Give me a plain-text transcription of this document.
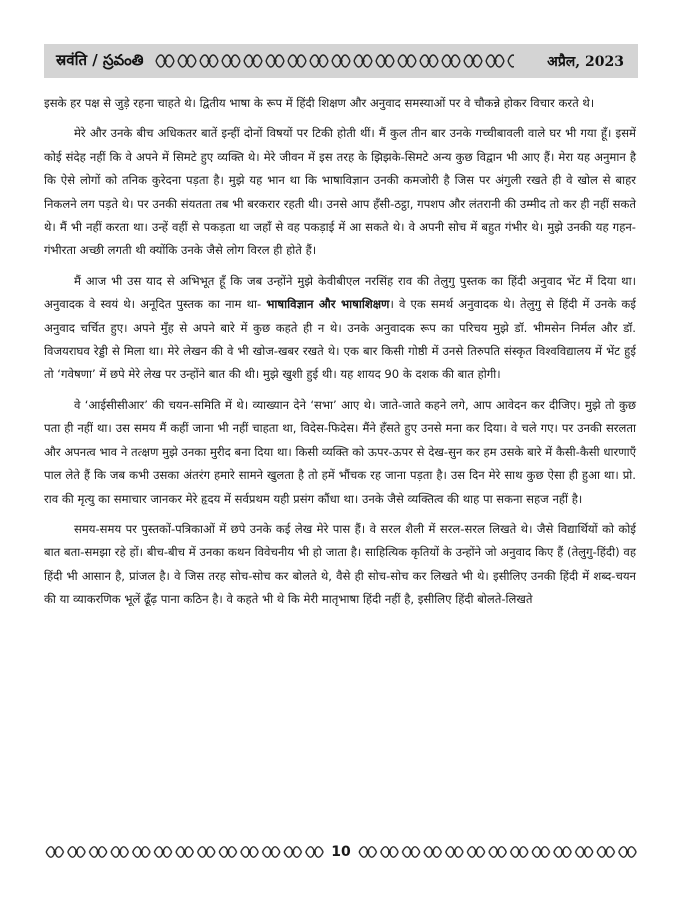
स्रवंति / స్రవంతి	अप्रैल, 2023

इसके हर पक्ष से जुड़े रहना चाहते थे। द्वितीय भाषा के रूप में हिंदी शिक्षण और अनुवाद समस्याओं पर वे चौकन्ने होकर विचार करते थे।

मेरे और उनके बीच अधिकतर बातें इन्हीं दोनों विषयों पर टिकी होती थीं। मैं कुल तीन बार उनके गच्चीबावली वाले घर भी गया हूँ। इसमें कोई संदेह नहीं कि वे अपने में सिमटे हुए व्यक्ति थे। मेरे जीवन में इस तरह के झिझके-सिमटे अन्य कुछ विद्वान भी आए हैं। मेरा यह अनुमान है कि ऐसे लोगों को तनिक कुरेदना पड़ता है। मुझे यह भान था कि भाषाविज्ञान उनकी कमजोरी है जिस पर अंगुली रखते ही वे खोल से बाहर निकलने लग पड़ते थे। पर उनकी संयतता तब भी बरकरार रहती थी। उनसे आप हँसी-ठट्ठा, गपशप और लंतरानी की उम्मीद तो कर ही नहीं सकते थे। मैं भी नहीं करता था। उन्हें वहीं से पकड़ता था जहाँ से वह पकड़ाई में आ सकते थे। वे अपनी सोच में बहुत गंभीर थे। मुझे उनकी यह गहन-गंभीरता अच्छी लगती थी क्योंकि उनके जैसे लोग विरल ही होते हैं।

मैं आज भी उस याद से अभिभूत हूँ कि जब उन्होंने मुझे केवीबीएल नरसिंह राव की तेलुगु पुस्तक का हिंदी अनुवाद भेंट में दिया था। अनुवादक वे स्वयं थे। अनूदित पुस्तक का नाम था- भाषाविज्ञान और भाषाशिक्षण। वे एक समर्थ अनुवादक थे। तेलुगु से हिंदी में उनके कई अनुवाद चर्चित हुए। अपने मुँह से अपने बारे में कुछ कहते ही न थे। उनके अनुवादक रूप का परिचय मुझे डॉ. भीमसेन निर्मल और डॉ. विजयराघव रेड्डी से मिला था। मेरे लेखन की वे भी खोज-खबर रखते थे। एक बार किसी गोष्ठी में उनसे तिरुपति संस्कृत विश्वविद्यालय में भेंट हुई तो ‘गवेषणा’ में छपे मेरे लेख पर उन्होंने बात की थी। मुझे खुशी हुई थी। यह शायद 90 के दशक की बात होगी।

वे ‘आईसीसीआर’ की चयन-समिति में थे। व्याख्यान देने ‘सभा’ आए थे। जाते-जाते कहने लगे, आप आवेदन कर दीजिए। मुझे तो कुछ पता ही नहीं था। उस समय मैं कहीं जाना भी नहीं चाहता था, विदेस-फिदेस। मैंने हँसते हुए उनसे मना कर दिया। वे चले गए। पर उनकी सरलता और अपनत्व भाव ने तत्क्षण मुझे उनका मुरीद बना दिया था। किसी व्यक्ति को ऊपर-ऊपर से देख-सुन कर हम उसके बारे में कैसी-कैसी धारणाएँ पाल लेते हैं कि जब कभी उसका अंतरंग हमारे सामने खुलता है तो हमें भौंचक रह जाना पड़ता है। उस दिन मेरे साथ कुछ ऐसा ही हुआ था। प्रो. राव की मृत्यु का समाचार जानकर मेरे हृदय में सर्वप्रथम यही प्रसंग कौंधा था। उनके जैसे व्यक्तित्व की थाह पा सकना सहज नहीं है।

समय-समय पर पुस्तकों-पत्रिकाओं में छपे उनके कई लेख मेरे पास हैं। वे सरल शैली में सरल-सरल लिखते थे। जैसे विद्यार्थियों को कोई बात बता-समझा रहे हों। बीच-बीच में उनका कथन विवेचनीय भी हो जाता है। साहित्यिक कृतियों के उन्होंने जो अनुवाद किए हैं (तेलुगु-हिंदी) वह हिंदी भी आसान है, प्रांजल है। वे जिस तरह सोच-सोच कर बोलते थे, वैसे ही सोच-सोच कर लिखते भी थे। इसीलिए उनकी हिंदी में शब्द-चयन की या व्याकरणिक भूलें ढूँढ़ पाना कठिन है। वे कहते भी थे कि मेरी मातृभाषा हिंदी नहीं है, इसीलिए हिंदी बोलते-लिखते

10
